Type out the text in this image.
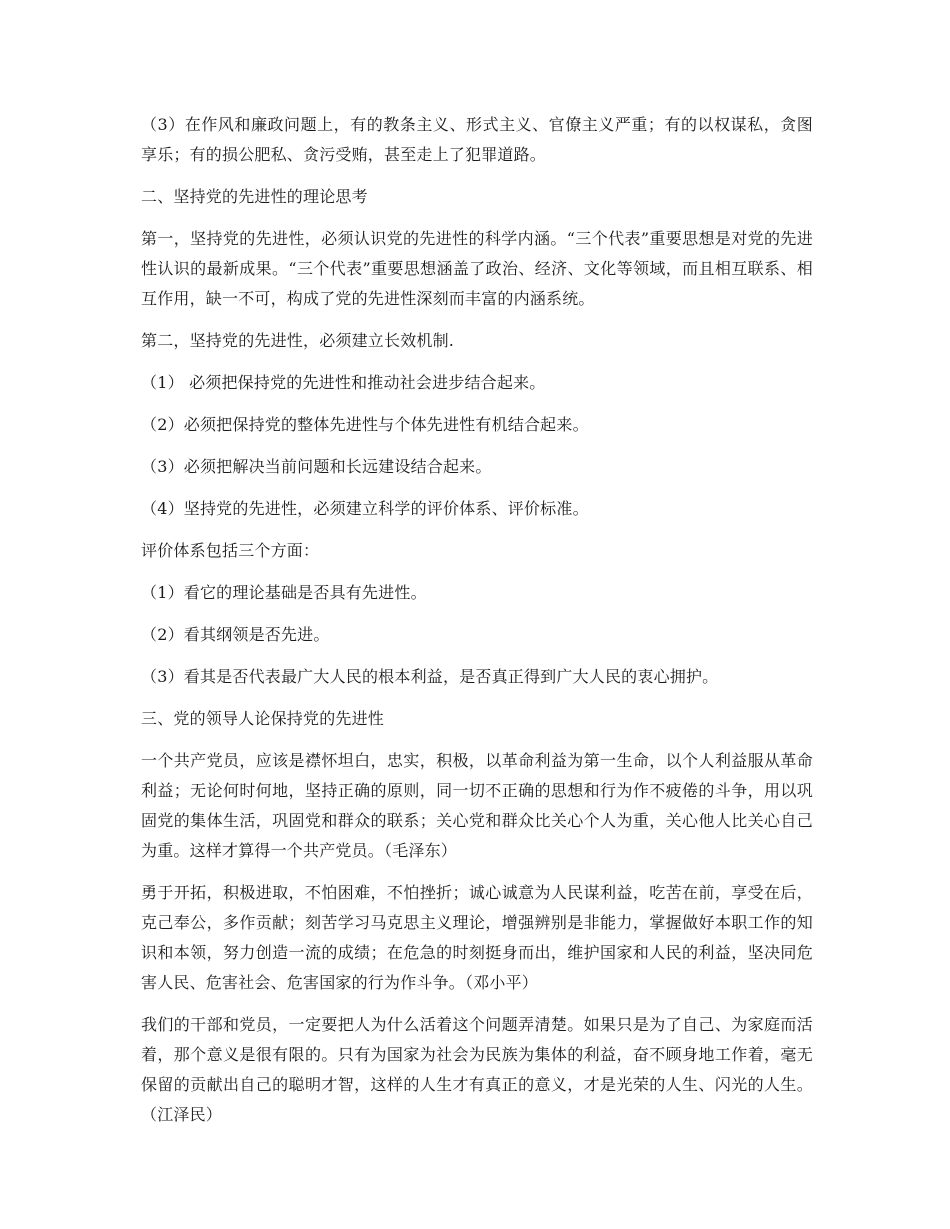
（3）在作风和廉政问题上，有的教条主义、形式主义、官僚主义严重；有的以权谋私，贪图享乐；有的损公肥私、贪污受贿，甚至走上了犯罪道路。

二、坚持党的先进性的理论思考

第一，坚持党的先进性，必须认识党的先进性的科学内涵。“三个代表”重要思想是对党的先进性认识的最新成果。“三个代表”重要思想涵盖了政治、经济、文化等领域，而且相互联系、相互作用，缺一不可，构成了党的先进性深刻而丰富的内涵系统。

第二，坚持党的先进性，必须建立长效机制.

（1） 必须把保持党的先进性和推动社会进步结合起来。

（2）必须把保持党的整体先进性与个体先进性有机结合起来。

（3）必须把解决当前问题和长远建设结合起来。

（4）坚持党的先进性，必须建立科学的评价体系、评价标准。

评价体系包括三个方面：

（1）看它的理论基础是否具有先进性。

（2）看其纲领是否先进。

（3）看其是否代表最广大人民的根本利益，是否真正得到广大人民的衷心拥护。

三、党的领导人论保持党的先进性

一个共产党员，应该是襟怀坦白，忠实，积极，以革命利益为第一生命，以个人利益服从革命利益；无论何时何地，坚持正确的原则，同一切不正确的思想和行为作不疲倦的斗争，用以巩固党的集体生活，巩固党和群众的联系；关心党和群众比关心个人为重，关心他人比关心自己为重。这样才算得一个共产党员。（毛泽东）

勇于开拓，积极进取，不怕困难，不怕挫折；诚心诚意为人民谋利益，吃苦在前，享受在后，克己奉公，多作贡献；刻苦学习马克思主义理论，增强辨别是非能力，掌握做好本职工作的知识和本领，努力创造一流的成绩；在危急的时刻挺身而出，维护国家和人民的利益，坚决同危害人民、危害社会、危害国家的行为作斗争。（邓小平）

我们的干部和党员，一定要把人为什么活着这个问题弄清楚。如果只是为了自己、为家庭而活着，那个意义是很有限的。只有为国家为社会为民族为集体的利益，奋不顾身地工作着，毫无保留的贡献出自己的聪明才智，这样的人生才有真正的意义，才是光荣的人生、闪光的人生。（江泽民）
